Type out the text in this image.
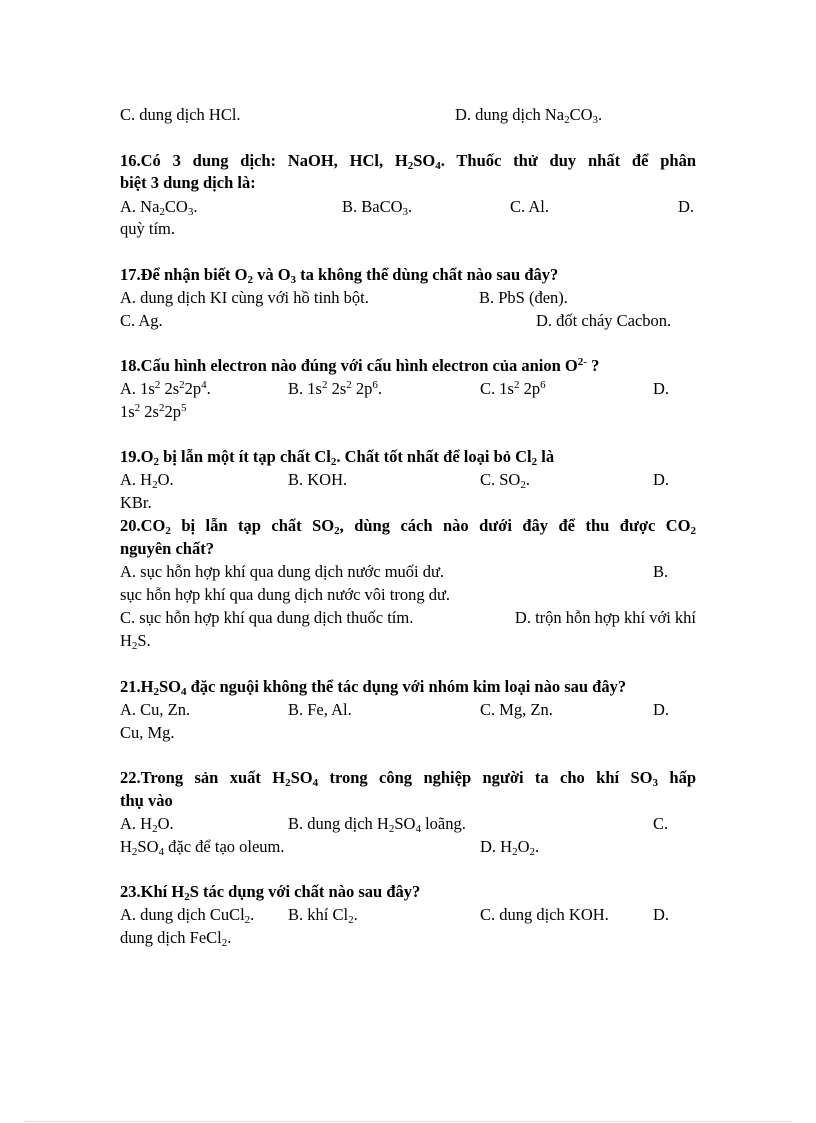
C. dung dịch HCl.	D. dung dịch $Na_2CO_3$.
16.Có 3 dung dịch: NaOH, HCl, $H_2SO_4$. Thuốc thử duy nhất để phân
biệt 3 dung dịch là:
A. $Na_2CO_3$.	B. BaCO$_3$.	C. Al.	D.
quỳ tím.
17.Để nhận biết $O_2$ và $O_3$ ta không thể dùng chất nào sau đây?
A. dung dịch KI cùng với hồ tinh bột.	B. PbS (đen).
C. Ag.	D. đốt cháy Cacbon.
18.Cấu hình electron nào đúng với cấu hình electron của anion $O^{2-}$ ?
A. $1s^2$ $2s^22p^4$.	B. $1s^2$ $2s^2$ $2p^6$.	C. $1s^2$ $2p^6$	D.
$1s^2$ $2s^22p^5$
$19.O_2$ bị lẫn một ít tạp chất $Cl_2$. Chất tốt nhất để loại bỏ $Cl_2$ là
A. $H_2O$.	B. KOH.	C. $SO_2$.	D.
KBr.
$20.CO_2$ bị lẫn tạp chất $SO_2$, dùng cách nào dưới đây để thu được $CO_2$
nguyên chất?
A. sục hỗn hợp khí qua dung dịch nước muối dư.	B.
sục hỗn hợp khí qua dung dịch nước vôi trong dư.
C. sục hỗn hợp khí qua dung dịch thuốc tím.	D. trộn hỗn hợp khí với khí
$H_2S$.
$21.H_2SO_4$ đặc nguội không thể tác dụng với nhóm kim loại nào sau đây?
A. Cu, Zn.	B. Fe, Al.	C. Mg, Zn.	D.
Cu, Mg.
22.Trong sản xuất $H_2SO_4$ trong công nghiệp người ta cho khí $SO_3$ hấp
thụ vào
A. $H_2O$.	B. dung dịch $H_2SO_4$ loãng.	C.
$H_2SO_4$ đặc để tạo oleum.	D. $H_2O_2$.
23.Khí $H_2S$ tác dụng với chất nào sau đây?
A. dung dịch CuCl$_2$. B. khí $Cl_2$.	C. dung dịch KOH.	D.
dung dịch FeCl$_2$.
